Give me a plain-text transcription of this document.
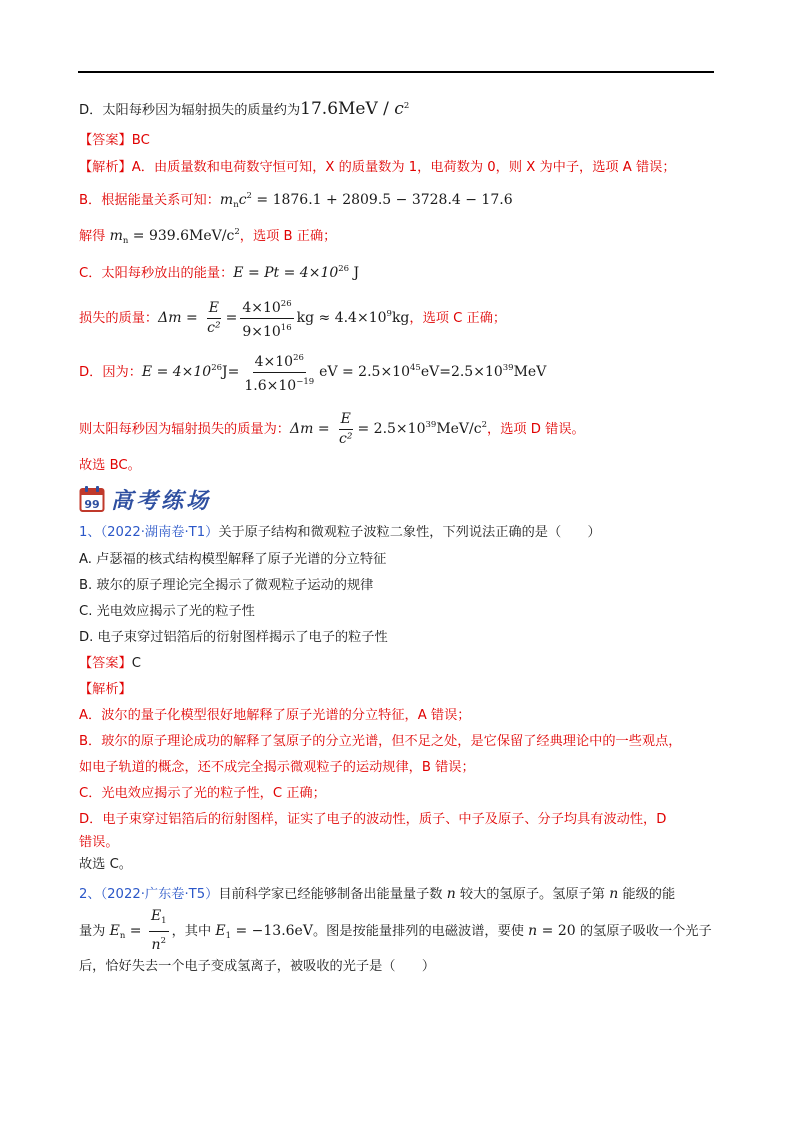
D．太阳每秒因为辐射损失的质量约为$17.6MeV / c^2$
【答案】BC
【解析】A．由质量数和电荷数守恒可知，X 的质量数为 1，电荷数为 0，则 X 为中子，选项 A 错误；
B．根据能量关系可知：$m_nc^2 = 1876.1 + 2809.5 - 3728.4 - 17.6$
解得 $m_n = 939.6MeV/c^2$，选项 B 正确；
C．太阳每秒放出的能量：$E = Pt = 4\times 10^{26}$ J
损失的质量：$\Delta m = \frac{E}{\text{c²}} = \frac{4\times 10^{26}}{9\times 10^{16}}$ kg ≈ $4.4\times 10^9kg$，选项 C 正确；
D．因为：$E = 4\times 10^{26}J= \frac{4\times 10^{26}}{1.6\times 10^{-19}}$ eV = $2.5\times 10^{45}eV=2.5\times 10^{39}MeV$
则太阳每秒因为辐射损失的质量为：$\Delta m = \frac{E}{\text{c²}} = 2.5\times 10^{39}MeV/c^2$，选项 D 错误。
故选 BC。
99 高考练场
1、（2022·湖南卷·T1）关于原子结构和微观粒子波粒二象性，下列说法正确的是（　　）
A. 卢瑟福的核式结构模型解释了原子光谱的分立特征
B. 玻尔的原子理论完全揭示了微观粒子运动的规律
C. 光电效应揭示了光的粒子性
D. 电子束穿过铝箔后的衍射图样揭示了电子的粒子性
【答案】C
【解析】
A．波尔的量子化模型很好地解释了原子光谱的分立特征，A 错误；
B．玻尔的原子理论成功的解释了氢原子的分立光谱，但不足之处，是它保留了经典理论中的一些观点，
如电子轨道的概念，还不成完全揭示微观粒子的运动规律，B 错误；
C．光电效应揭示了光的粒子性，C 正确；
D．电子束穿过铝箔后的衍射图样，证实了电子的波动性，质子、中子及原子、分子均具有波动性，D
错误。
故选 C。
2、（2022·广东卷·T5）目前科学家已经能够制备出能量量子数 n 较大的氢原子。氢原子第 n 能级的能
量为 $E_n = \frac{E_1}{n^2}$ ，其中 $E_1 = -13.6eV$。图是按能量排列的电磁波谱，要使 n = 20 的氢原子吸收一个光子
后，恰好失去一个电子变成氢离子，被吸收的光子是（　　）
